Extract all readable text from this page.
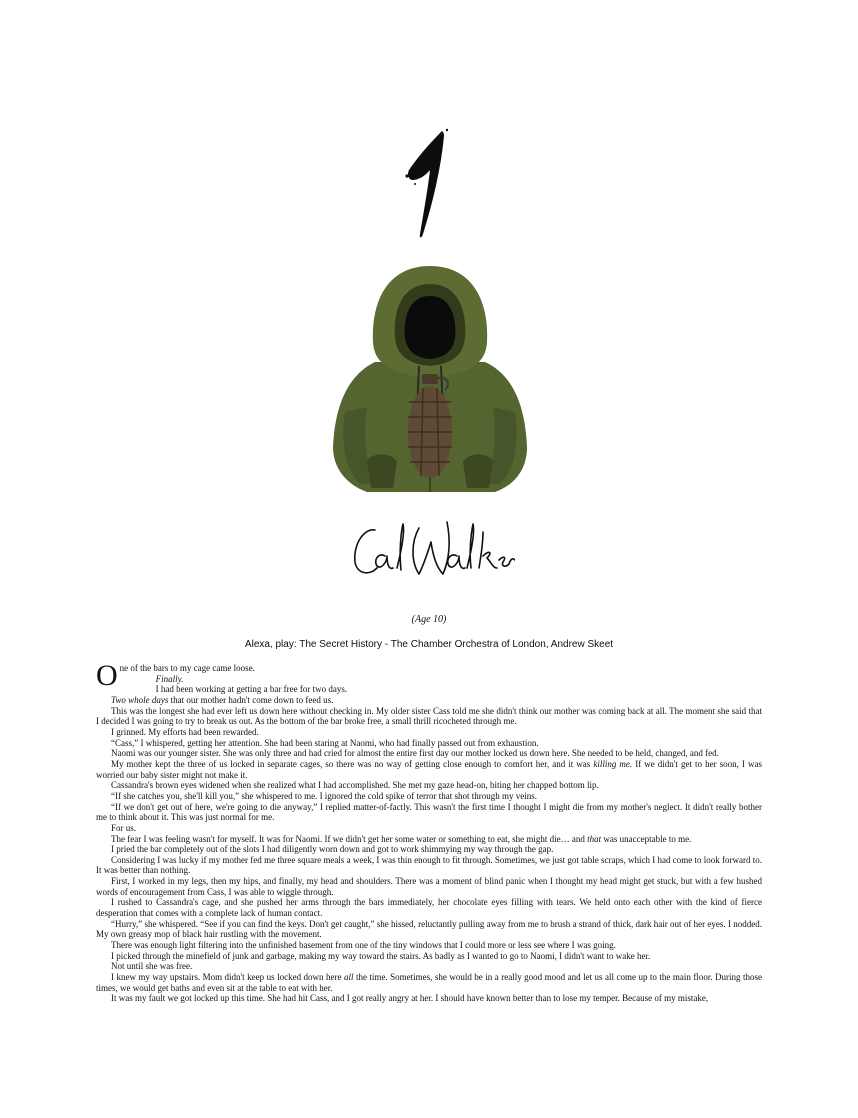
(Age 10)
Alexa, play: The Secret History - The Chamber Orchestra of London, Andrew Skeet

One of the bars to my cage came loose.

Finally.

I had been working at getting a bar free for two days.

Two whole days that our mother hadn't come down to feed us.

This was the longest she had ever left us down here without checking in. My older sister Cass told me she didn't think our mother was coming back at all. The moment she said that I decided I was going to try to break us out. As the bottom of the bar broke free, a small thrill ricocheted through me.

I grinned. My efforts had been rewarded.

“Cass,” I whispered, getting her attention. She had been staring at Naomi, who had finally passed out from exhaustion.

Naomi was our younger sister. She was only three and had cried for almost the entire first day our mother locked us down here. She needed to be held, changed, and fed.

My mother kept the three of us locked in separate cages, so there was no way of getting close enough to comfort her, and it was killing me. If we didn't get to her soon, I was worried our baby sister might not make it.

Cassandra's brown eyes widened when she realized what I had accomplished. She met my gaze head-on, biting her chapped bottom lip.

“If she catches you, she'll kill you,” she whispered to me. I ignored the cold spike of terror that shot through my veins.

“If we don't get out of here, we're going to die anyway,” I replied matter-of-factly. This wasn't the first time I thought I might die from my mother's neglect. It didn't really bother me to think about it. This was just normal for me.

For us.

The fear I was feeling wasn't for myself. It was for Naomi. If we didn't get her some water or something to eat, she might die… and that was unacceptable to me.

I pried the bar completely out of the slots I had diligently worn down and got to work shimmying my way through the gap.

Considering I was lucky if my mother fed me three square meals a week, I was thin enough to fit through. Sometimes, we just got table scraps, which I had come to look forward to. It was better than nothing.

First, I worked in my legs, then my hips, and finally, my head and shoulders. There was a moment of blind panic when I thought my head might get stuck, but with a few hushed words of encouragement from Cass, I was able to wiggle through.

I rushed to Cassandra's cage, and she pushed her arms through the bars immediately, her chocolate eyes filling with tears. We held onto each other with the kind of fierce desperation that comes with a complete lack of human contact.

“Hurry,” she whispered. “See if you can find the keys. Don't get caught,” she hissed, reluctantly pulling away from me to brush a strand of thick, dark hair out of her eyes. I nodded. My own greasy mop of black hair rustling with the movement.

There was enough light filtering into the unfinished basement from one of the tiny windows that I could more or less see where I was going.

I picked through the minefield of junk and garbage, making my way toward the stairs. As badly as I wanted to go to Naomi, I didn't want to wake her.

Not until she was free.

I knew my way upstairs. Mom didn't keep us locked down here all the time. Sometimes, she would be in a really good mood and let us all come up to the main floor. During those times, we would get baths and even sit at the table to eat with her.

It was my fault we got locked up this time. She had hit Cass, and I got really angry at her. I should have known better than to lose my temper. Because of my mistake,
